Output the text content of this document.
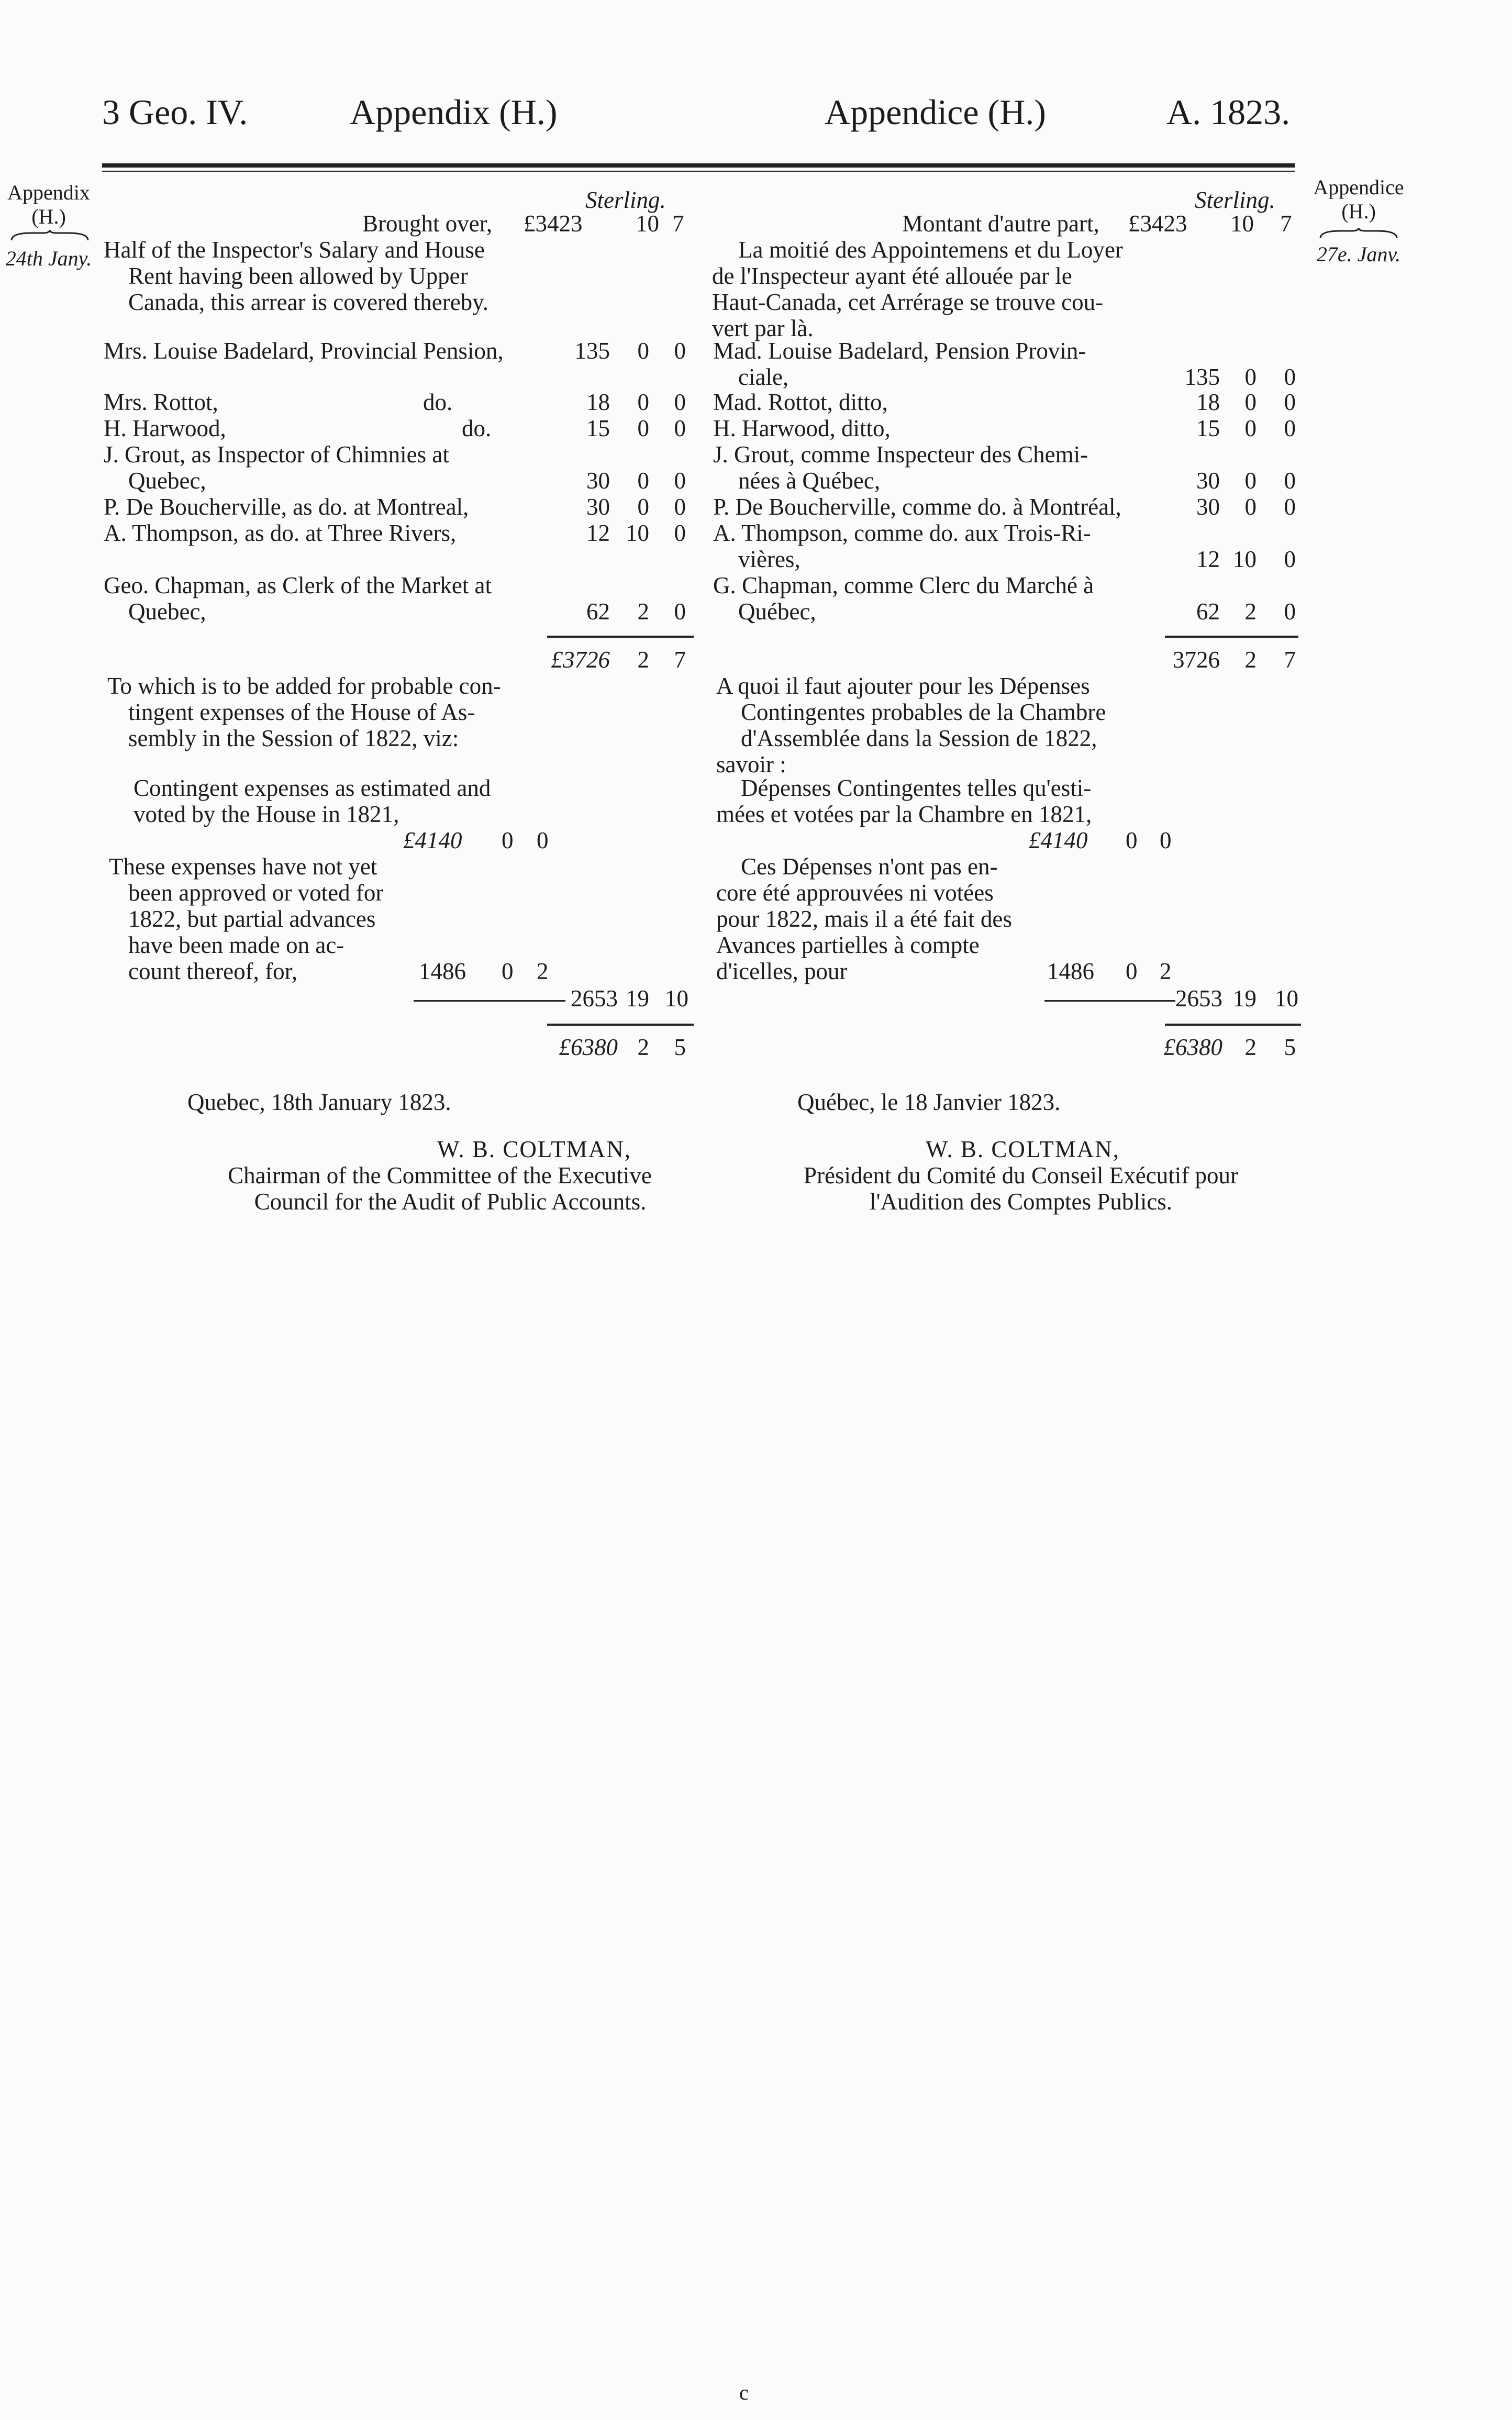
3 Geo. IV.	Appendix (H.)	Appendice (H.)	A. 1823.
Appendix
(H.)
24th Jany.
Appendice
(H.)
27e. Janv.
Sterling.
Brought over, £3423 10 7
Half of the Inspector's Salary and House
Rent having been allowed by Upper
Canada, this arrear is covered thereby.
Mrs. Louise Badelard, Provincial Pension,	135	0	0
Mrs. Rottot,	do.	18	0	0
H. Harwood,	do.	15	0	0
J. Grout, as Inspector of Chimnies at
Quebec,	30	0	0
P. De Boucherville, as do. at Montreal,	30	0	0
A. Thompson, as do. at Three Rivers,	12 10	0
Geo. Chapman, as Clerk of the Market at
Quebec,	62	2	0
£3726	2	7
To which is to be added for probable con-
tingent expenses of the House of As-
sembly in the Session of 1822, viz:
Contingent expenses as estimated and
voted by the House in 1821,
£4140 0 0
These expenses have not yet
been approved or voted for
1822, but partial advances
have been made on ac-
count thereof, for,	1486 0 2
2653 19 10
£6380 2	5
Quebec, 18th January 1823.
W. B. COLTMAN,
Chairman of the Committee of the Executive
Council for the Audit of Public Accounts.
Sterling.
Montant d'autre part, £3423 10 7
La moitié des Appointemens et du Loyer
de l'Inspecteur ayant été allouée par le
Haut-Canada, cet Arrérage se trouve cou-
vert par là.
Mad. Louise Badelard, Pension Provin-
ciale,	135	0	0
Mad. Rottot, ditto,	18	0	0
H. Harwood, ditto,	15	0	0
J. Grout, comme Inspecteur des Chemi-
nées à Québec,	30	0	0
P. De Boucherville, comme do. à Montréal,	30	0	0
A. Thompson, comme do. aux Trois-Ri-
vières,	12 10	0
G. Chapman, comme Clerc du Marché à
Québec,	62	2	0
3726	2	7
A quoi il faut ajouter pour les Dépenses
Contingentes probables de la Chambre
d'Assemblée dans la Session de 1822,
savoir :
Dépenses Contingentes telles qu'esti-
mées et votées par la Chambre en 1821,
£4140 0 0
Ces Dépenses n'ont pas en-
core été approuvées ni votées
pour 1822, mais il a été fait des
Avances partielles à compte
d'icelles, pour	1486 0 2
2653 19 10
£6380 2	5
Québec, le 18 Janvier 1823.
W. B. COLTMAN,
Président du Comité du Conseil Exécutif pour
l'Audition des Comptes Publics.
c
